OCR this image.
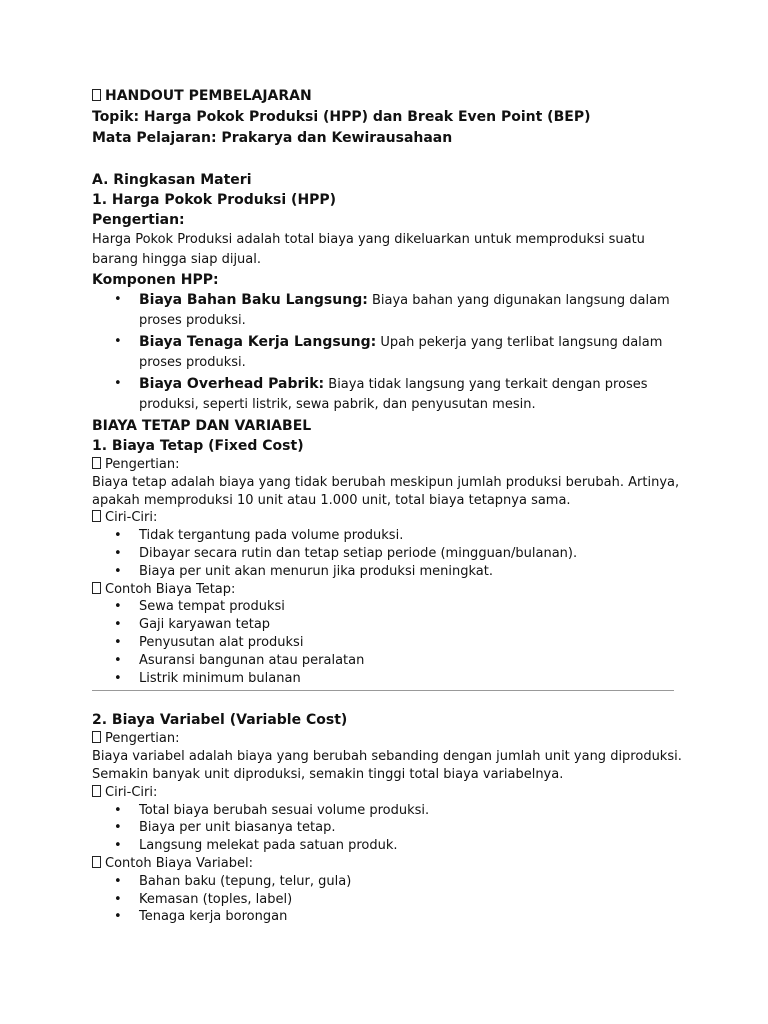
HANDOUT PEMBELAJARAN
Topik: Harga Pokok Produksi (HPP) dan Break Even Point (BEP)
Mata Pelajaran: Prakarya dan Kewirausahaan
A. Ringkasan Materi
1. Harga Pokok Produksi (HPP)
Pengertian:
Harga Pokok Produksi adalah total biaya yang dikeluarkan untuk memproduksi suatu barang hingga siap dijual.
Komponen HPP:
• Biaya Bahan Baku Langsung: Biaya bahan yang digunakan langsung dalam proses produksi.
• Biaya Tenaga Kerja Langsung: Upah pekerja yang terlibat langsung dalam proses produksi.
• Biaya Overhead Pabrik: Biaya tidak langsung yang terkait dengan proses produksi, seperti listrik, sewa pabrik, dan penyusutan mesin.
BIAYA TETAP DAN VARIABEL
1. Biaya Tetap (Fixed Cost)
Pengertian:
Biaya tetap adalah biaya yang tidak berubah meskipun jumlah produksi berubah. Artinya, apakah memproduksi 10 unit atau 1.000 unit, total biaya tetapnya sama.
Ciri-Ciri:
• Tidak tergantung pada volume produksi.
• Dibayar secara rutin dan tetap setiap periode (mingguan/bulanan).
• Biaya per unit akan menurun jika produksi meningkat.
Contoh Biaya Tetap:
• Sewa tempat produksi
• Gaji karyawan tetap
• Penyusutan alat produksi
• Asuransi bangunan atau peralatan
• Listrik minimum bulanan
2. Biaya Variabel (Variable Cost)
Pengertian:
Biaya variabel adalah biaya yang berubah sebanding dengan jumlah unit yang diproduksi. Semakin banyak unit diproduksi, semakin tinggi total biaya variabelnya.
Ciri-Ciri:
• Total biaya berubah sesuai volume produksi.
• Biaya per unit biasanya tetap.
• Langsung melekat pada satuan produk.
Contoh Biaya Variabel:
• Bahan baku (tepung, telur, gula)
• Kemasan (toples, label)
• Tenaga kerja borongan
